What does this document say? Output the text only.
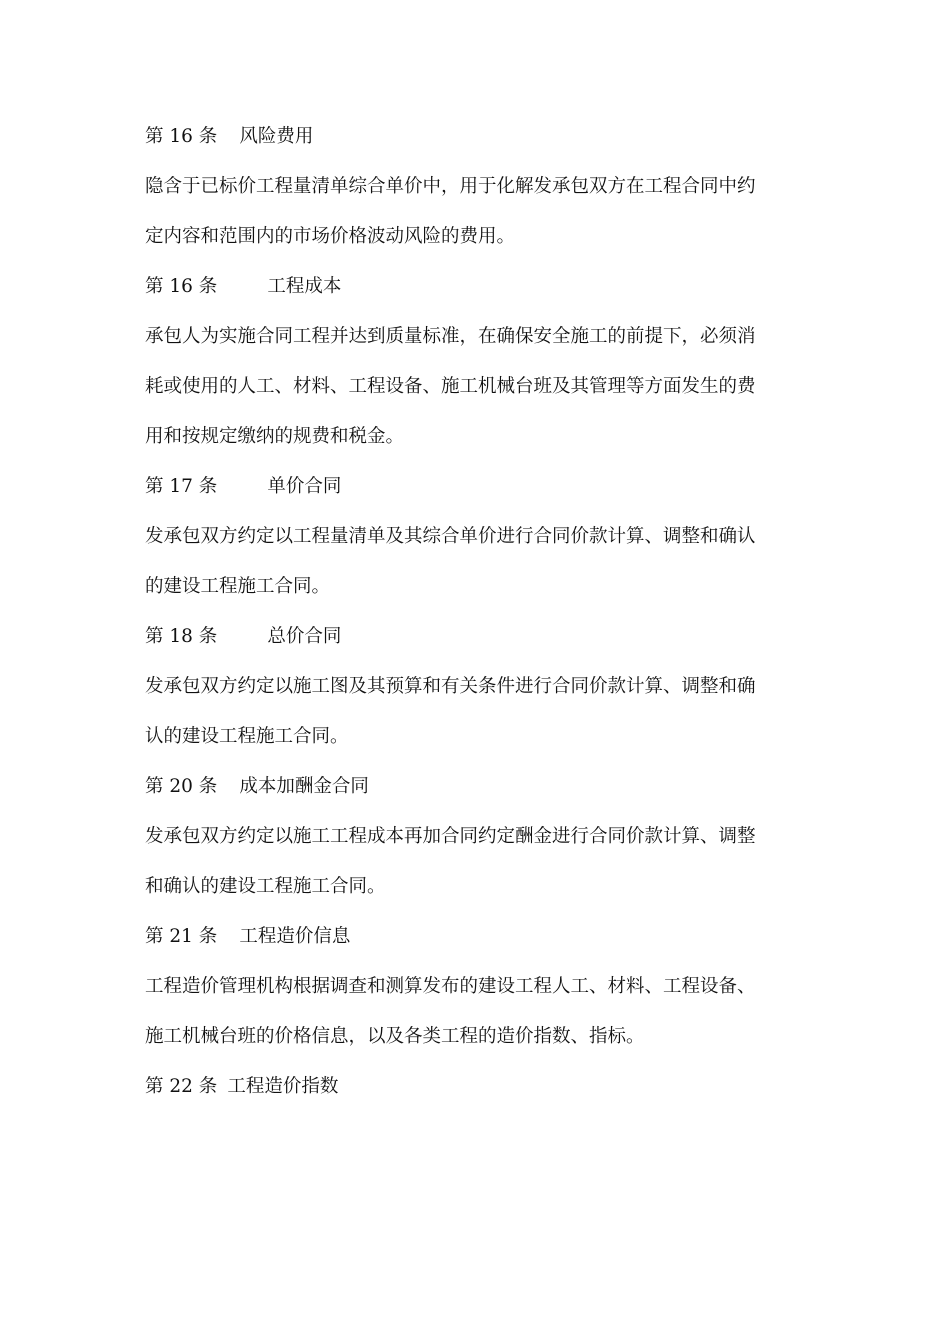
第 16 条 风险费用
隐含于已标价工程量清单综合单价中，用于化解发承包双方在工程合同中约
定内容和范围内的市场价格波动风险的费用。
第 16 条	工程成本
承包人为实施合同工程并达到质量标准，在确保安全施工的前提下，必须消
耗或使用的人工、材料、工程设备、施工机械台班及其管理等方面发生的费
用和按规定缴纳的规费和税金。
第 17 条	单价合同
发承包双方约定以工程量清单及其综合单价进行合同价款计算、调整和确认
的建设工程施工合同。
第 18 条	总价合同
发承包双方约定以施工图及其预算和有关条件进行合同价款计算、调整和确
认的建设工程施工合同。
第 20 条 成本加酬金合同
发承包双方约定以施工工程成本再加合同约定酬金进行合同价款计算、调整
和确认的建设工程施工合同。
第 21 条 工程造价信息
工程造价管理机构根据调查和测算发布的建设工程人工、材料、工程设备、
施工机械台班的价格信息，以及各类工程的造价指数、指标。
第 22 条 工程造价指数
